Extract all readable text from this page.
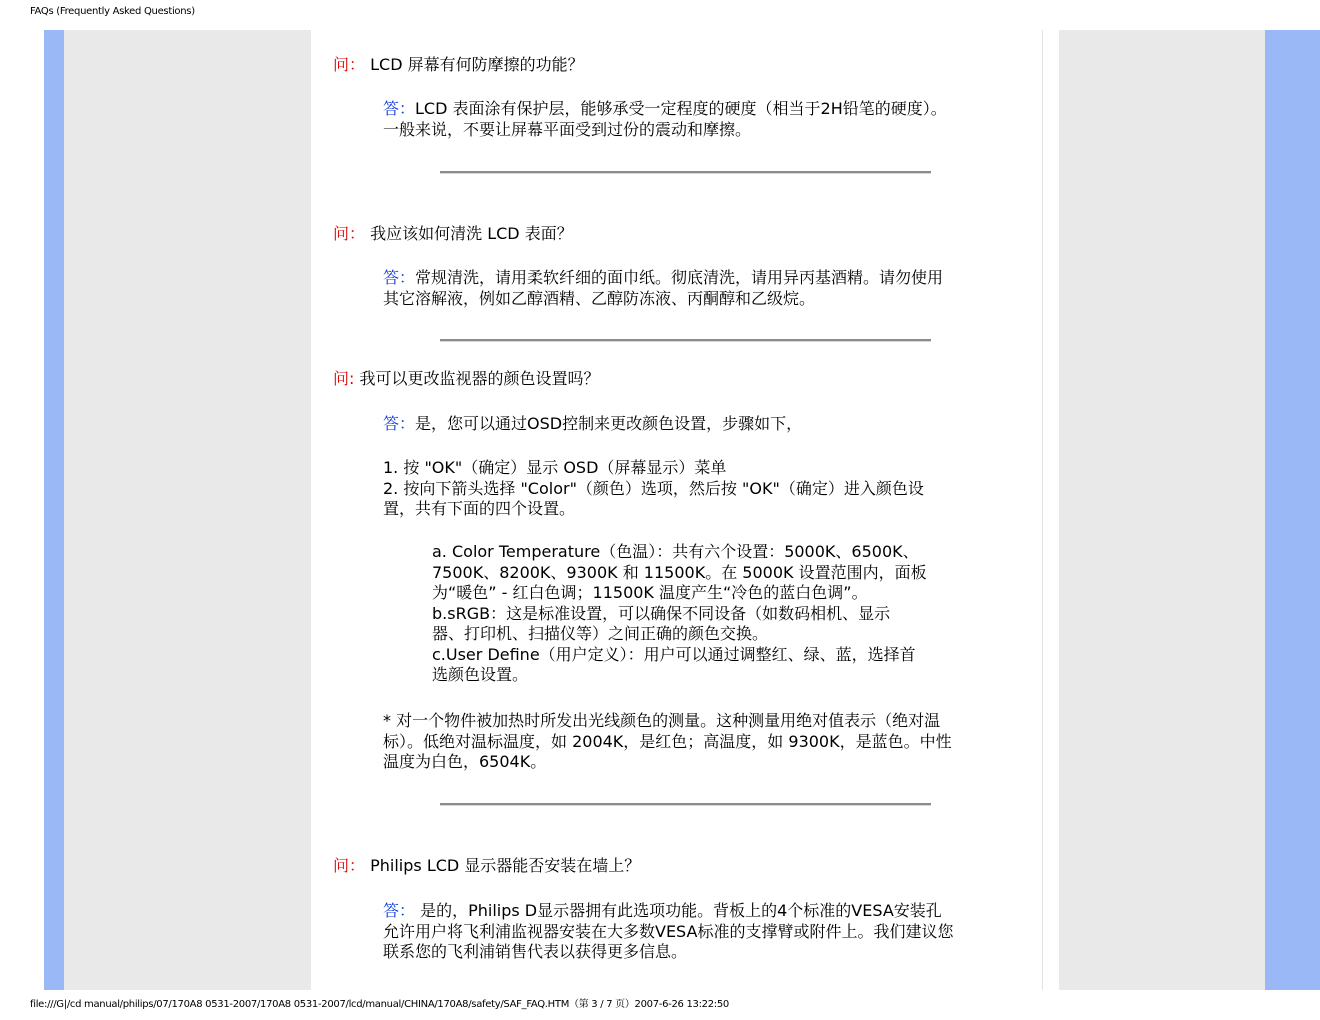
FAQs (Frequently Asked Questions)
问： LCD 屏幕有何防摩擦的功能？
答：LCD 表面涂有保护层，能够承受一定程度的硬度（相当于2H铅笔的硬度）。
一般来说，不要让屏幕平面受到过份的震动和摩擦。
问： 我应该如何清洗 LCD 表面？
答：常规清洗，请用柔软纤细的面巾纸。彻底清洗，请用异丙基酒精。请勿使用
其它溶解液，例如乙醇酒精、乙醇防冻液、丙酮醇和乙级烷。
问: 我可以更改监视器的颜色设置吗？
答：是，您可以通过OSD控制来更改颜色设置，步骤如下，
1. 按 "OK"（确定）显示 OSD（屏幕显示）菜单
2. 按向下箭头选择 "Color"（颜色）选项，然后按 "OK"（确定）进入颜色设
置，共有下面的四个设置。
a. Color Temperature（色温）：共有六个设置：5000K、6500K、
7500K、8200K、9300K 和 11500K。在 5000K 设置范围内，面板
为“暖色” - 红白色调；11500K 温度产生“冷色的蓝白色调”。
b.sRGB：这是标准设置，可以确保不同设备（如数码相机、显示
器、打印机、扫描仪等）之间正确的颜色交换。
c.User Define（用户定义）：用户可以通过调整红、绿、蓝，选择首
选颜色设置。
* 对一个物件被加热时所发出光线颜色的测量。这种测量用绝对值表示（绝对温
标）。低绝对温标温度，如 2004K，是红色；高温度，如 9300K，是蓝色。中性
温度为白色，6504K。
问： Philips LCD 显示器能否安装在墙上？
答： 是的，Philips D显示器拥有此选项功能。背板上的4个标准的VESA安装孔
允许用户将飞利浦监视器安装在大多数VESA标准的支撑臂或附件上。我们建议您
联系您的飞利浦销售代表以获得更多信息。
file:///G|/cd manual/philips/07/170A8 0531-2007/170A8 0531-2007/lcd/manual/CHINA/170A8/safety/SAF_FAQ.HTM（第 3 / 7 页）2007-6-26 13:22:50
